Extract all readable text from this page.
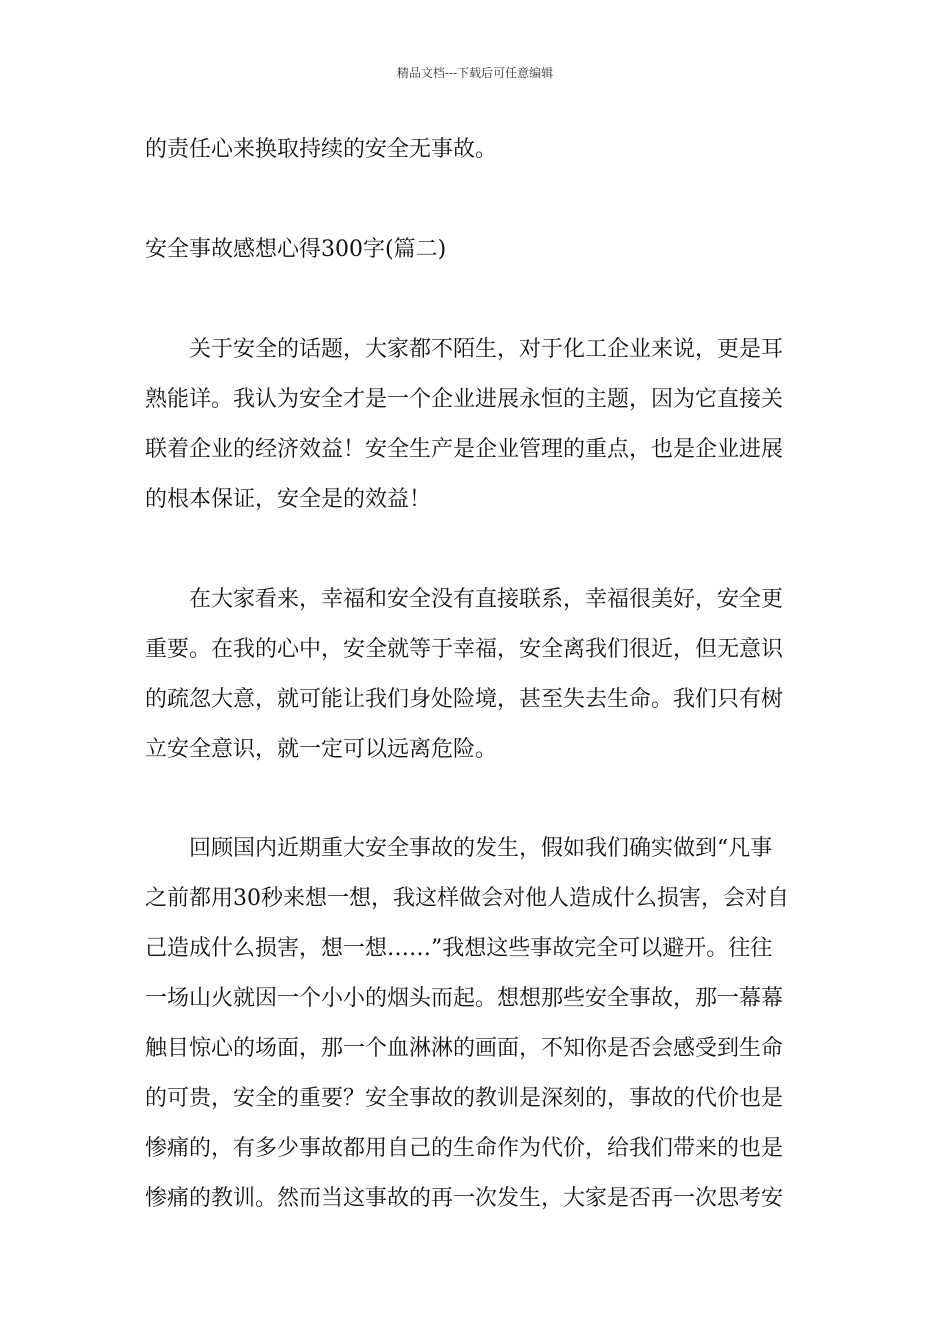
精品文档---下载后可任意编辑
的责任心来换取持续的安全无事故。
安全事故感想心得300字(篇二)
关于安全的话题，大家都不陌生，对于化工企业来说，更是耳
熟能详。我认为安全才是一个企业进展永恒的主题，因为它直接关
联着企业的经济效益！安全生产是企业管理的重点，也是企业进展
的根本保证，安全是的效益！
在大家看来，幸福和安全没有直接联系，幸福很美好，安全更
重要。在我的心中，安全就等于幸福，安全离我们很近，但无意识
的疏忽大意，就可能让我们身处险境，甚至失去生命。我们只有树
立安全意识，就一定可以远离危险。
回顾国内近期重大安全事故的发生，假如我们确实做到“凡事
之前都用30秒来想一想，我这样做会对他人造成什么损害，会对自
己造成什么损害，想一想……”我想这些事故完全可以避开。往往
一场山火就因一个小小的烟头而起。想想那些安全事故，那一幕幕
触目惊心的场面，那一个血淋淋的画面，不知你是否会感受到生命
的可贵，安全的重要？安全事故的教训是深刻的，事故的代价也是
惨痛的，有多少事故都用自己的生命作为代价，给我们带来的也是
惨痛的教训。然而当这事故的再一次发生，大家是否再一次思考安
